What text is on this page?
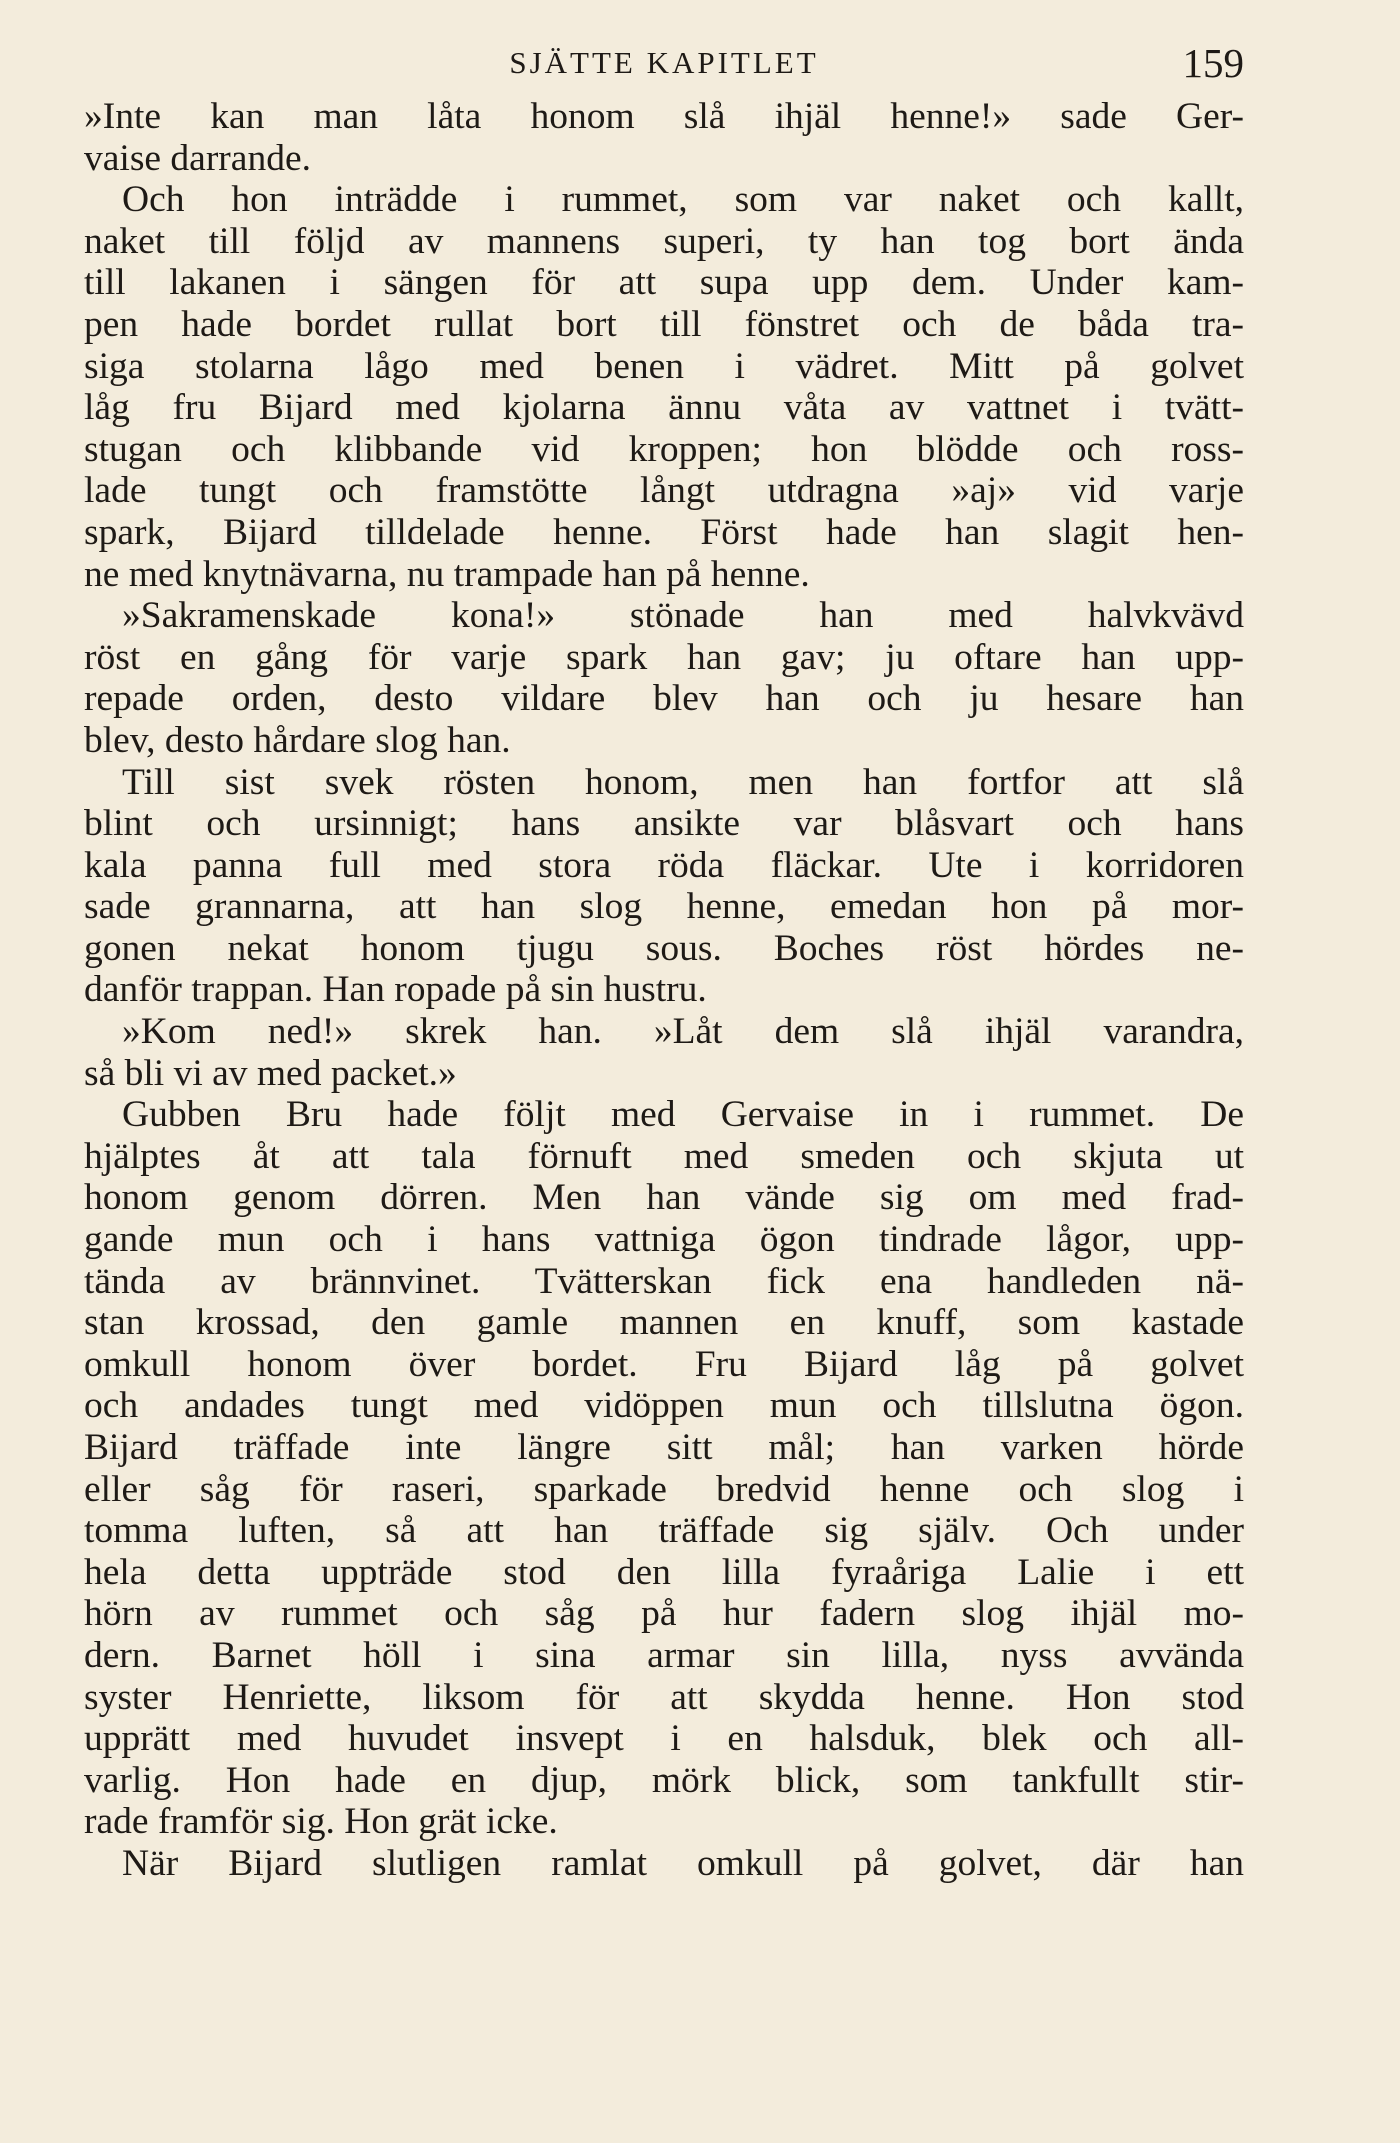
SJÄTTE KAPITLET	159
»Inte kan man låta honom slå ihjäl henne!» sade Ger-
vaise darrande.
Och hon inträdde i rummet, som var naket och kallt,
naket till följd av mannens superi, ty han tog bort ända
till lakanen i sängen för att supa upp dem. Under kam-
pen hade bordet rullat bort till fönstret och de båda tra-
siga stolarna lågo med benen i vädret. Mitt på golvet
låg fru Bijard med kjolarna ännu våta av vattnet i tvätt-
stugan och klibbande vid kroppen; hon blödde och ross-
lade tungt och framstötte långt utdragna »aj» vid varje
spark, Bijard tilldelade henne. Först hade han slagit hen-
ne med knytnävarna, nu trampade han på henne.
»Sakramenskade kona!» stönade han med halvkvävd
röst en gång för varje spark han gav; ju oftare han upp-
repade orden, desto vildare blev han och ju hesare han
blev, desto hårdare slog han.
Till sist svek rösten honom, men han fortfor att slå
blint och ursinnigt; hans ansikte var blåsvart och hans
kala panna full med stora röda fläckar. Ute i korridoren
sade grannarna, att han slog henne, emedan hon på mor-
gonen nekat honom tjugu sous. Boches röst hördes ne-
danför trappan. Han ropade på sin hustru.
»Kom ned!» skrek han. »Låt dem slå ihjäl varandra,
så bli vi av med packet.»
Gubben Bru hade följt med Gervaise in i rummet. De
hjälptes åt att tala förnuft med smeden och skjuta ut
honom genom dörren. Men han vände sig om med frad-
gande mun och i hans vattniga ögon tindrade lågor, upp-
tända av brännvinet. Tvätterskan fick ena handleden nä-
stan krossad, den gamle mannen en knuff, som kastade
omkull honom över bordet. Fru Bijard låg på golvet
och andades tungt med vidöppen mun och tillslutna ögon.
Bijard träffade inte längre sitt mål; han varken hörde
eller såg för raseri, sparkade bredvid henne och slog i
tomma luften, så att han träffade sig själv. Och under
hela detta uppträde stod den lilla fyraåriga Lalie i ett
hörn av rummet och såg på hur fadern slog ihjäl mo-
dern. Barnet höll i sina armar sin lilla, nyss avvända
syster Henriette, liksom för att skydda henne. Hon stod
upprätt med huvudet insvept i en halsduk, blek och all-
varlig. Hon hade en djup, mörk blick, som tankfullt stir-
rade framför sig. Hon grät icke.
När Bijard slutligen ramlat omkull på golvet, där han
